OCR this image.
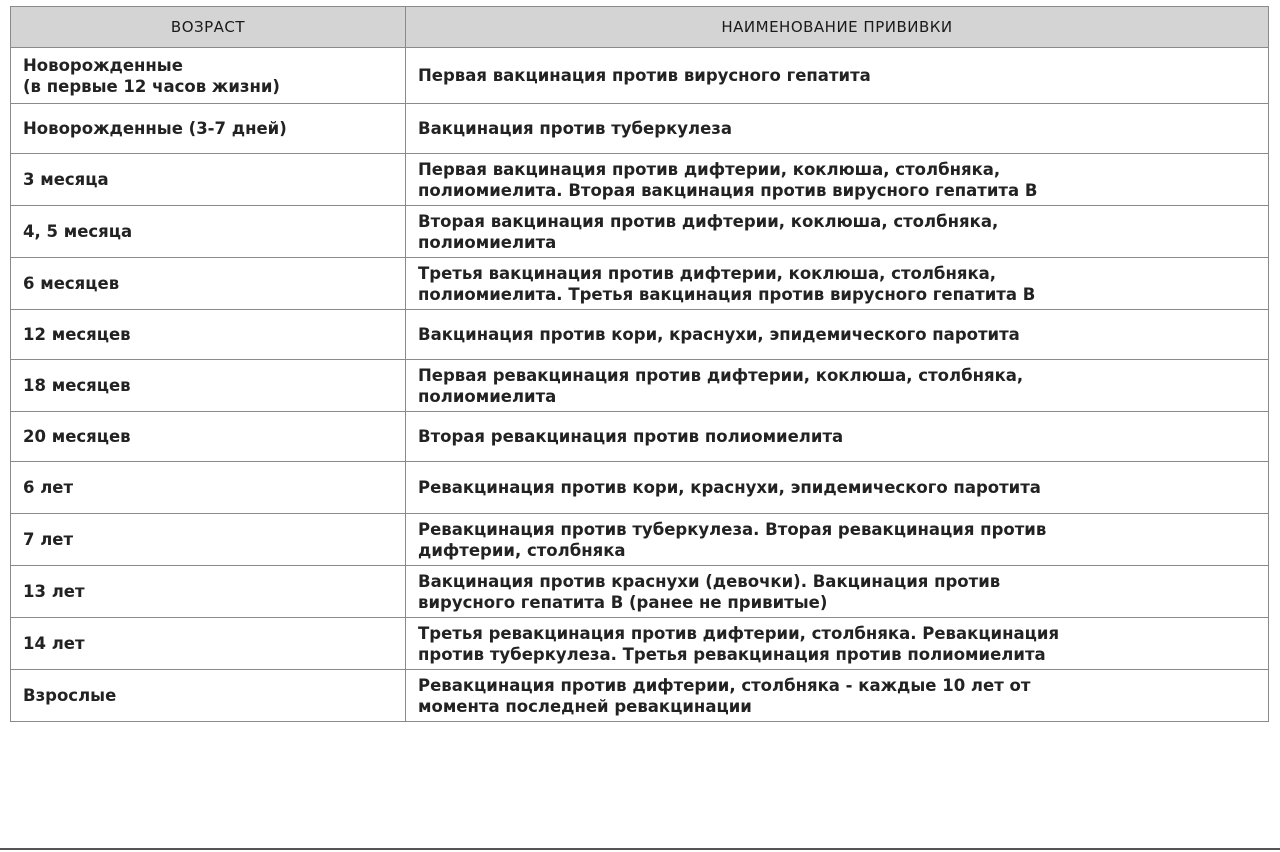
ВОЗРАСТ	НАИМЕНОВАНИЕ ПРИВИВКИ
Новорожденные
(в первые 12 часов жизни)	Первая вакцинация против вирусного гепатита
Новорожденные (3-7 дней)	Вакцинация против туберкулеза
3 месяца	Первая вакцинация против дифтерии, коклюша, столбняка,
полиомиелита. Вторая вакцинация против вирусного гепатита В
4, 5 месяца	Вторая вакцинация против дифтерии, коклюша, столбняка,
полиомиелита
6 месяцев	Третья вакцинация против дифтерии, коклюша, столбняка,
полиомиелита. Третья вакцинация против вирусного гепатита В
12 месяцев	Вакцинация против кори, краснухи, эпидемического паротита
18 месяцев	Первая ревакцинация против дифтерии, коклюша, столбняка,
полиомиелита
20 месяцев	Вторая ревакцинация против полиомиелита
6 лет	Ревакцинация против кори, краснухи, эпидемического паротита
7 лет	Ревакцинация против туберкулеза. Вторая ревакцинация против
дифтерии, столбняка
13 лет	Вакцинация против краснухи (девочки). Вакцинация против
вирусного гепатита В (ранее не привитые)
14 лет	Третья ревакцинация против дифтерии, столбняка. Ревакцинация
против туберкулеза. Третья ревакцинация против полиомиелита
Взрослые	Ревакцинация против дифтерии, столбняка - каждые 10 лет от
момента последней ревакцинации
